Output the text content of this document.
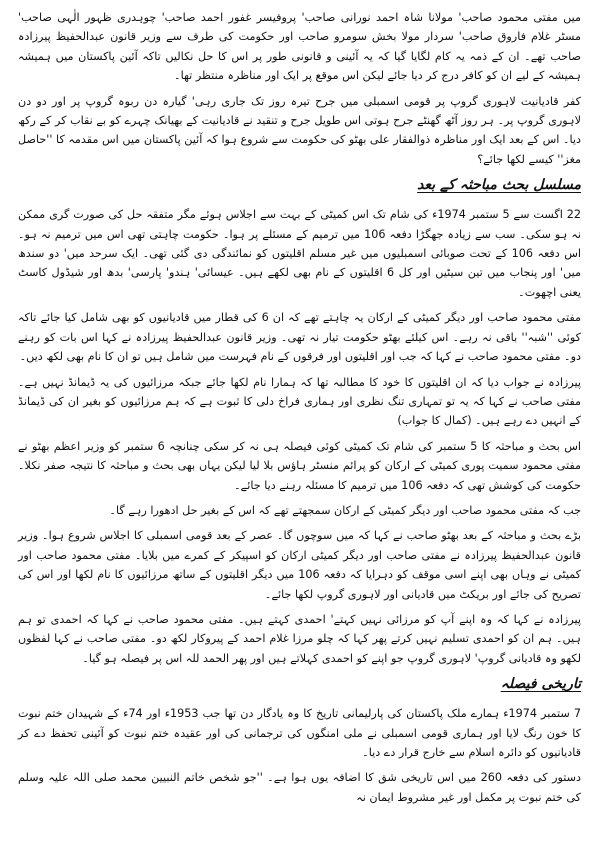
میں مفتی محمود صاحب' مولانا شاہ احمد نورانی صاحب' پروفیسر غفور احمد صاحب' چوہدری ظہور الٰہی صاحب' مسٹر غلام فاروق صاحب' سردار مولا بخش سومرو صاحب اور حکومت کی طرف سے وزیر قانون عبدالحفیظ پیرزادہ صاحب تھے۔ ان کے ذمہ یہ کام لگایا گیا کہ یہ آئینی و قانونی طور پر اس کا حل نکالیں تاکہ آئین پاکستان میں ہمیشہ ہمیشہ کے لیے ان کو کافر درج کر دیا جائے لیکن اس موقع پر ایک اور مناظرہ منتظر تھا۔

کفر قادیانیت لاہوری گروپ پر قومی اسمبلی میں جرح تیرہ روز تک جاری رہی' گیارہ دن ربوہ گروپ پر اور دو دن لاہوری گروپ پر۔ ہر روز آٹھ گھنٹے جرح ہوتی اس طویل جرح و تنقید نے قادیانیت کے بھیانک چہرے کو بے نقاب کر کے رکھ دیا۔ اس کے بعد ایک اور مناظرہ ذوالفقار علی بھٹو کی حکومت سے شروع ہوا کہ آئین پاکستان میں اس مقدمہ کا ''حاصل مغز'' کیسے لکھا جائے؟

مسلسل بحث مباحثہ کے بعد

22 اگست سے 5 ستمبر 1974ء کی شام تک اس کمیٹی کے بہت سے اجلاس ہوئے مگر متفقہ حل کی صورت گری ممکن نہ ہو سکی۔ سب سے زیادہ جھگڑا دفعہ 106 میں ترمیم کے مسئلے پر ہوا۔ حکومت چاہتی تھی اس میں ترمیم نہ ہو۔ اس دفعہ 106 کے تحت صوبائی اسمبلیوں میں غیر مسلم اقلیتوں کو نمائندگی دی گئی تھی۔ ایک سرحد میں' دو سندھ میں' اور پنجاب میں تین سیٹیں اور کل 6 اقلیتوں کے نام بھی لکھے ہیں۔ عیسائی' ہندو' پارسی' بدھ اور شیڈول کاسٹ یعنی اچھوت۔

مفتی محمود صاحب اور دیگر کمیٹی کے ارکان یہ چاہتے تھے کہ ان 6 کی قطار میں قادیانیوں کو بھی شامل کیا جائے تاکہ کوئی ''شبہ'' باقی نہ رہے۔ اس کیلئے بھٹو حکومت تیار نہ تھی۔ وزیر قانون عبدالحفیظ پیرزادہ نے کہا اس بات کو رہنے دو۔ مفتی محمود صاحب نے کہا کہ جب اور اقلیتوں اور فرقوں کے نام فہرست میں شامل ہیں تو ان کا نام بھی لکھ دیں۔

پیرزادہ نے جواب دیا کہ ان اقلیتوں کا خود کا مطالبہ تھا کہ ہمارا نام لکھا جائے جبکہ مرزائیوں کی یہ ڈیمانڈ نہیں ہے۔ مفتی صاحب نے کہا کہ یہ تو تمہاری تنگ نظری اور ہماری فراخ دلی کا ثبوت ہے کہ ہم مرزائیوں کو بغیر ان کی ڈیمانڈ کے انہیں دے رہے ہیں۔ (کمال کا جواب)

اس بحث و مباحثہ کا 5 ستمبر کی شام تک کمیٹی کوئی فیصلہ ہی نہ کر سکی چنانچہ 6 ستمبر کو وزیر اعظم بھٹو نے مفتی محمود سمیت پوری کمیٹی کے ارکان کو پرائم منسٹر ہاؤس بلا لیا لیکن یہاں بھی بحث و مباحثہ کا نتیجہ صفر نکلا۔ حکومت کی کوشش تھی کہ دفعہ 106 میں ترمیم کا مسئلہ رہنے دیا جائے۔

جب کہ مفتی محمود صاحب اور دیگر کمیٹی کے ارکان سمجھتے تھے کہ اس کے بغیر حل ادھورا رہے گا۔

بڑے بحث و مباحثہ کے بعد بھٹو صاحب نے کہا کہ میں سوچوں گا۔ عصر کے بعد قومی اسمبلی کا اجلاس شروع ہوا۔ وزیر قانون عبدالحفیظ پیرزادہ نے مفتی صاحب اور دیگر کمیٹی ارکان کو اسپیکر کے کمرے میں بلایا۔ مفتی محمود صاحب اور کمیٹی نے وہاں بھی اپنے اسی موقف کو دہرایا کہ دفعہ 106 میں دیگر اقلیتوں کے ساتھ مرزائیوں کا نام لکھا اور اس کی تصریح کی جائے اور بریکٹ میں قادیانی اور لاہوری گروپ لکھا جائے۔

پیرزادہ نے کہا کہ وہ اپنے آپ کو مرزائی نہیں کہتے' احمدی کہتے ہیں۔ مفتی محمود صاحب نے کہا کہ احمدی تو ہم ہیں۔ ہم ان کو احمدی تسلیم نہیں کرتے پھر کہا کہ چلو مرزا غلام احمد کے پیروکار لکھ دو۔ مفتی صاحب نے کہا لفظوں لکھو وہ قادیانی گروپ' لاہوری گروپ جو اپنے کو احمدی کہلاتے ہیں اور پھر الحمد للہ اس پر فیصلہ ہو گیا۔

تاریخی فیصلہ

7 ستمبر 1974ء ہمارے ملک پاکستان کی پارلیمانی تاریخ کا وہ یادگار دن تھا جب 1953ء اور 74ء کے شہیدان ختم نبوت کا خون رنگ لایا اور ہماری قومی اسمبلی نے ملی امنگوں کی ترجمانی کی اور عقیدہ ختم نبوت کو آئینی تحفظ دے کر قادیانیوں کو دائرہ اسلام سے خارج قرار دے دیا۔

دستور کی دفعہ 260 میں اس تاریخی شق کا اضافہ یوں ہوا ہے۔ ''جو شخص خاتم النبیین محمد صلی اللہ علیہ وسلم کی ختم نبوت پر مکمل اور غیر مشروط ایمان نہ
